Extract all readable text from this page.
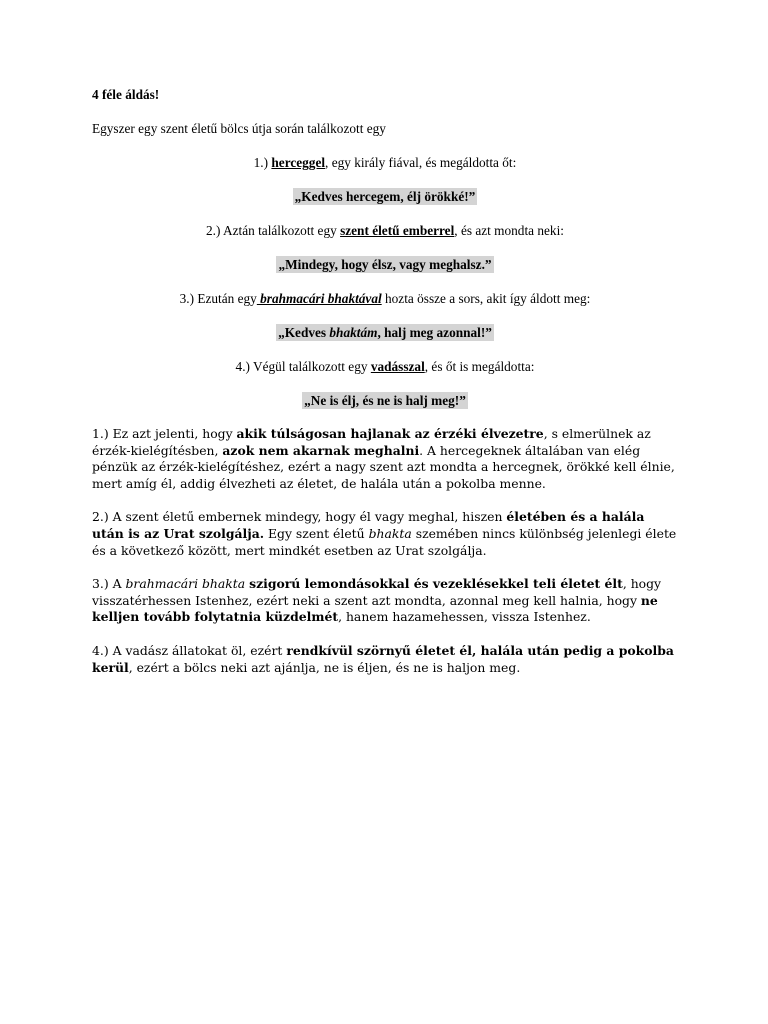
4 féle áldás!

Egyszer egy szent életű bölcs útja során találkozott egy

1.) herceggel, egy király fiával, és megáldotta őt:

„Kedves hercegem, élj örökké!”

2.) Aztán találkozott egy szent életű emberrel, és azt mondta neki:

„Mindegy, hogy élsz, vagy meghalsz.”

3.) Ezután egy brahmacári bhaktával hozta össze a sors, akit így áldott meg:

„Kedves bhaktám, halj meg azonnal!”

4.) Végül találkozott egy vadásszal, és őt is megáldotta:

„Ne is élj, és ne is halj meg!”

1.) Ez azt jelenti, hogy akik túlságosan hajlanak az érzéki élvezetre, s elmerülnek az érzék-kielégítésben, azok nem akarnak meghalni. A hercegeknek általában van elég pénzük az érzék-kielégítéshez, ezért a nagy szent azt mondta a hercegnek, örökké kell élnie, mert amíg él, addig élvezheti az életet, de halála után a pokolba menne.

2.) A szent életű embernek mindegy, hogy él vagy meghal, hiszen életében és a halála után is az Urat szolgálja. Egy szent életű bhakta szemében nincs különbség jelenlegi élete és a következő között, mert mindkét esetben az Urat szolgálja.

3.) A brahmacári bhakta szigorú lemondásokkal és vezeklésekkel teli életet élt, hogy visszatérhessen Istenhez, ezért neki a szent azt mondta, azonnal meg kell halnia, hogy ne kelljen tovább folytatnia küzdelmét, hanem hazamehessen, vissza Istenhez.

4.) A vadász állatokat öl, ezért rendkívül szörnyű életet él, halála után pedig a pokolba kerül, ezért a bölcs neki azt ajánlja, ne is éljen, és ne is haljon meg.
